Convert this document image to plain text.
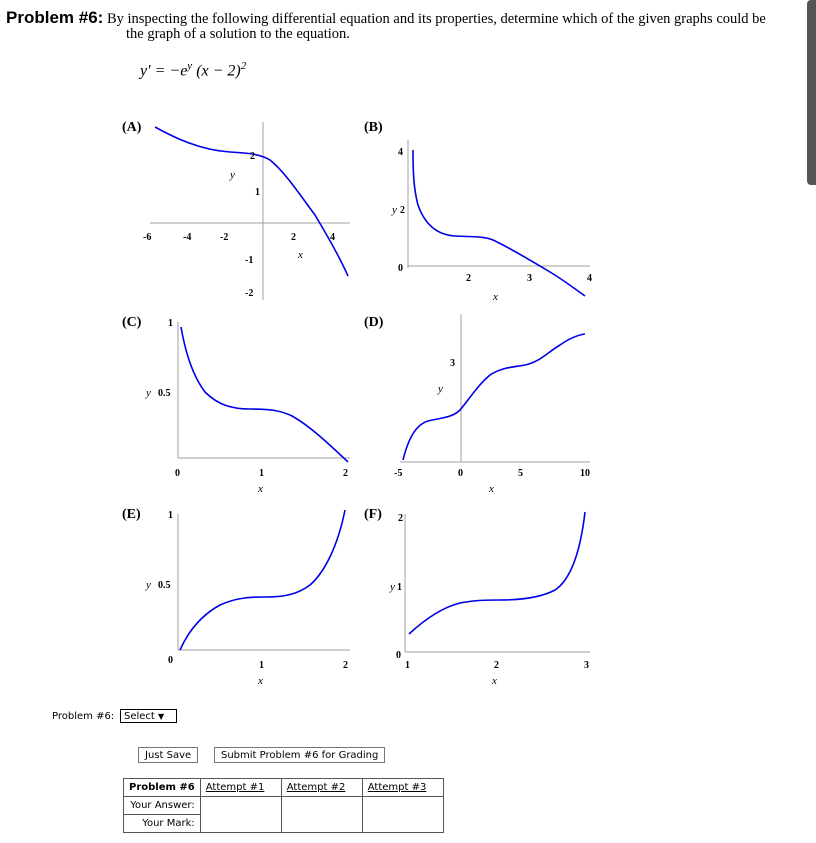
Problem #6: By inspecting the following differential equation and its properties, determine which of the given graphs could be
the graph of a solution to the equation.
$y' = -e^y$ $(x - 2)^2$
(A)
-6	-4	-2	2	4
2
1
-1
-2
y
x
(B)
4
2
0
y
2	3	4
x
(C)	1
0.5
y
0	1	2
x
(D)
3
y
-5	0	5	10
x
(E)	1
0.5
y
0	1	2
x
(F) 2
1
y
0
1	2	3
x
Problem #6: Select ▼
Just Save	Submit Problem #6 for Grading
Problem #6	Attempt #1	Attempt #2	Attempt #3
Your Answer:			
Your Mark:			
